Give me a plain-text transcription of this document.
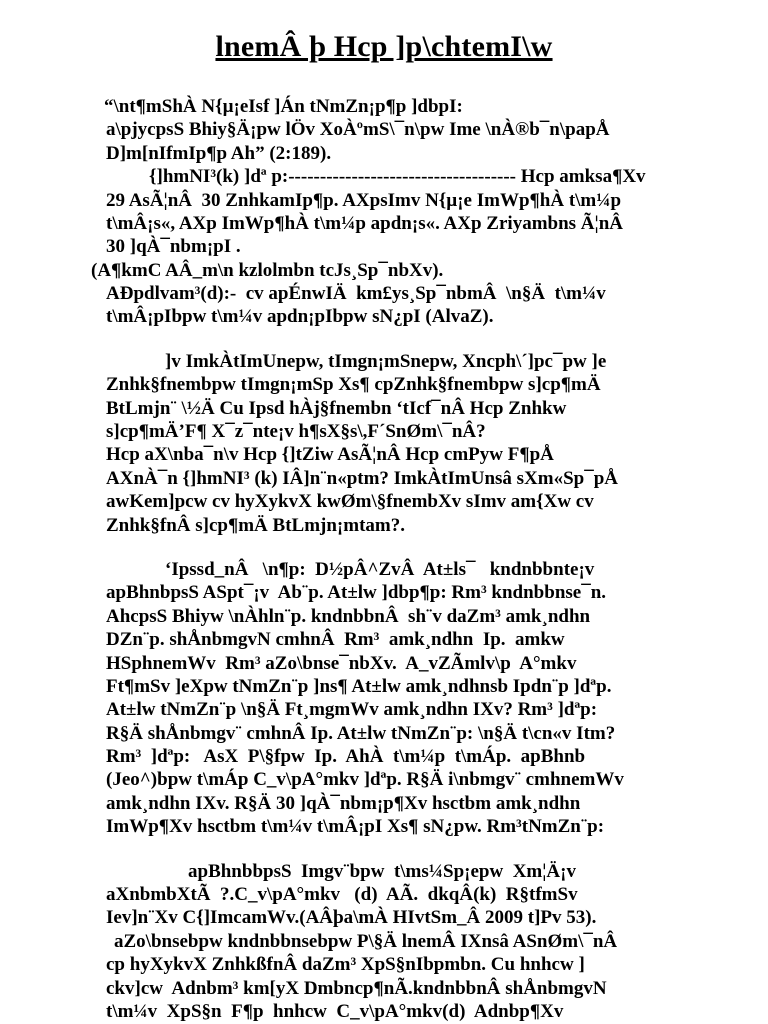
lnemÂ þ Hcp ]p\chtemI\w
“\nt¶mShÀ N{µ¡eIsf ]Án tNmZn¡p¶p ]dbpI:
a\pjycpsS Bhiy§Ä¡pw lÖv XoÀºmS\¯n\pw Ime \nÀ®b¯n\papÅ
D]m[nIfmIp¶p Ah” (2:189).
{]hmNI³(k) ]dª p:------------------------------------ Hcp amksa¶Xv
29 AsÃ¦nÂ  30 ZnhkamIp¶p. AXpsImv N{µ¡e ImWp¶hÀ t\m¼p
t\mÂ¡s«, AXp ImWp¶hÀ t\m¼p apdn¡s«. AXp Zriyambns Ã¦nÂ
30 ]qÀ¯nbm¡pI .
(A¶kmC AÂ_m\n kzlolmbn tcJs¸Sp¯nbXv).
AÐpdlvam³(d):-  cv apÉnwIÄ  km£ys¸Sp¯nbmÂ  \n§Ä  t\m¼v
t\mÂ¡pIbpw t\m¼v apdn¡pIbpw sN¿pI (AlvaZ).
]v ImkÀtImUnepw, tImgn¡mSnepw, Xncph\´]pc¯pw ]e
Znhk§fnembpw tImgn¡mSp Xs¶ cpZnhk§fnembpw s]cp¶mÄ
BtLmjn¨ \½Ä Cu Ipsd hÀj§fnembn ‘tIcf¯nÂ Hcp Znhkw
s]cp¶mÄ’F¶ X¯z¯nte¡v h¶sX§s\,F´SnØm\¯nÂ?
Hcp aX\nba¯n\v Hcp {]tZiw AsÃ¦nÂ Hcp cmPyw F¶pÅ
AXnÀ¯n {]hmNI³ (k) IÂ]n¨n«ptm? ImkÀtImUnsâ sXm«Sp¯pÅ
awKem]pcw cv hyXykvX kwØm\§fnembXv sImv am{Xw cv
Znhk§fnÂ s]cp¶mÄ BtLmjn¡mtam?.
‘Ipssd_nÂ   \n¶p:  D½pÂ^ZvÂ  At±ls¯   kndnbbnte¡v
apBhnbpsS ASpt¯¡v  Ab¨p. At±lw ]dbp¶p: Rm³ kndnbbnse¯n.
AhcpsS Bhiyw \nÀhln¨p. kndnbbnÂ  sh¨v daZm³ amk¸ndhn
DZn¨p. shÅnbmgvN cmhnÂ  Rm³  amk¸ndhn  Ip.  amkw
HSphnemWv  Rm³ aZo\bnse¯nbXv.  A_vZÃmlv\p  A°mkv
Ft¶mSv ]eXpw tNmZn¨p ]ns¶ At±lw amk¸ndhnsb Ipdn¨p ]dªp.
At±lw tNmZn¨p \n§Ä Ft¸mgmWv amk¸ndhn IXv? Rm³ ]dªp:
R§Ä shÅnbmgv¨ cmhnÂ Ip. At±lw tNmZn¨p: \n§Ä t\cn«v Itm?
Rm³  ]dªp:   AsX  P\§fpw  Ip.  AhÀ  t\m¼p  t\mÁp.  apBhnb
(Jeo^)bpw t\mÁp C_v\pA°mkv ]dªp. R§Ä i\nbmgv¨ cmhnemWv
amk¸ndhn IXv. R§Ä 30 ]qÀ¯nbm¡p¶Xv hsctbm amk¸ndhn
ImWp¶Xv hsctbm t\m¼v t\mÂ¡pI Xs¶ sN¿pw. Rm³tNmZn¨p:
apBhnbbpsS  Imgv¨bpw  t\ms¼Sp¡epw  Xm¦Ä¡v
aXnbmbXtÃ  ?.C_v\pA°mkv   (d)  AÃ.  dkqÂ(k)  R§tfmSv
Iev]n¨Xv C{]ImcamWv.(AÂþa\mÀ HIvtSm_Â 2009 t]Pv 53).
aZo\bnsebpw kndnbbnsebpw P\§Ä lnemÂ IXnsâ ASnØm\¯nÂ
cp hyXykvX ZnhkßfnÂ daZm³ XpS§nIbpmbn. Cu hnhcw ]
ckv]cw  Adnbm³ km[yX Dmbncp¶nÃ.kndnbbnÂ shÅnbmgvN
t\m¼v  XpS§n  F¶p  hnhcw  C_v\pA°mkv(d)  Adnbp¶Xv
